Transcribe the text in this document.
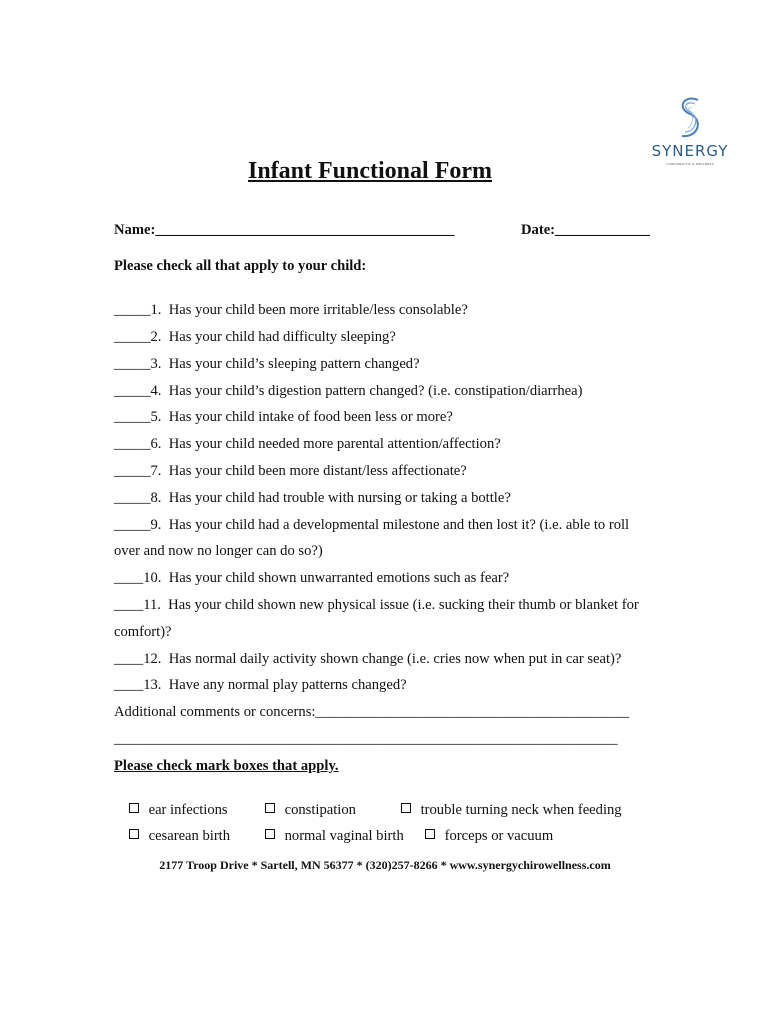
SYNERGY
CHIROPRACTIC & WELLNESS
Infant Functional Form
Name:_________________________________________	Date:_____________
Please check all that apply to your child:
_____1.  Has your child been more irritable/less consolable?
_____2.  Has your child had difficulty sleeping?
_____3.  Has your child’s sleeping pattern changed?
_____4.  Has your child’s digestion pattern changed? (i.e. constipation/diarrhea)
_____5.  Has your child intake of food been less or more?
_____6.  Has your child needed more parental attention/affection?
_____7.  Has your child been more distant/less affectionate?
_____8.  Has your child had trouble with nursing or taking a bottle?
_____9.  Has your child had a developmental milestone and then lost it? (i.e. able to roll
over and now no longer can do so?)
____10.  Has your child shown unwarranted emotions such as fear?
____11.  Has your child shown new physical issue (i.e. sucking their thumb or blanket for
comfort)?
____12.  Has normal daily activity shown change (i.e. cries now when put in car seat)?
____13.  Have any normal play patterns changed?
Additional comments or concerns:___________________________________________
_____________________________________________________________________
Please check mark boxes that apply.

ear infections
	constipation
	trouble turning neck when feeding

cesarean birth
	normal vaginal birth
	forceps or vacuum

2177 Troop Drive * Sartell, MN 56377 * (320)257-8266 * www.synergychirowellness.com
